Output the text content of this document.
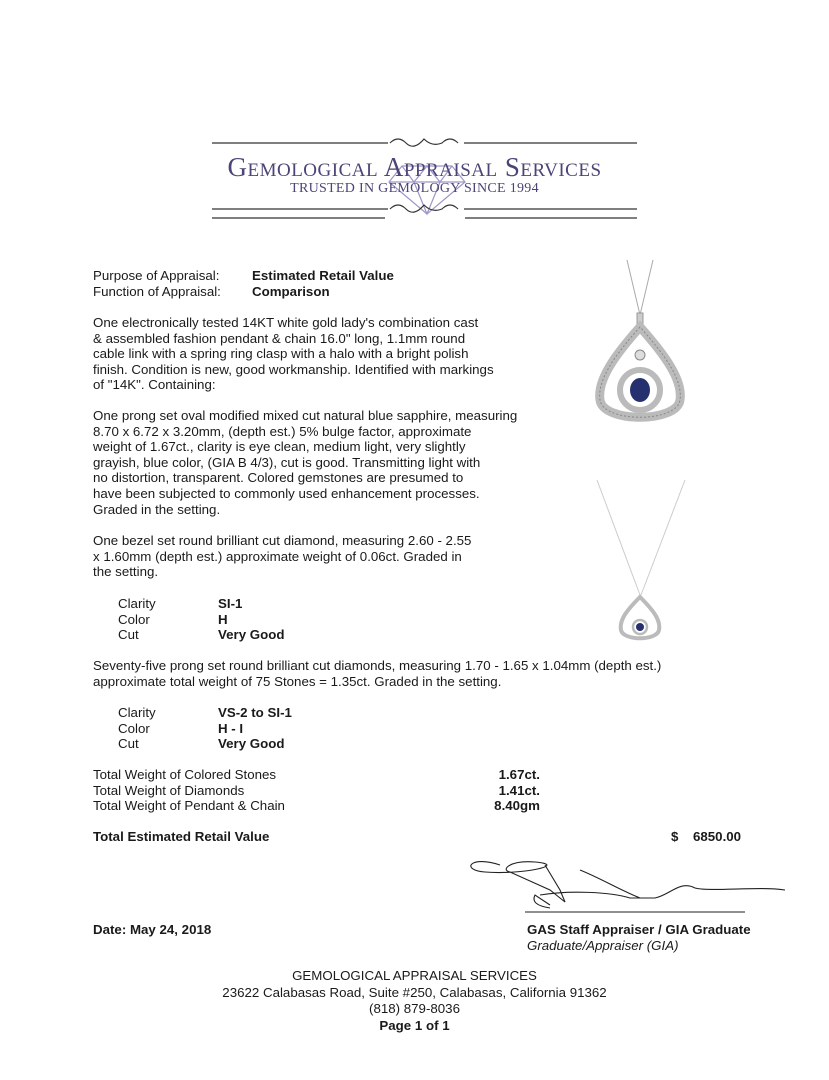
Gemological Appraisal Services
TRUSTED IN GEMOLOGY SINCE 1994
Purpose of Appraisal: Estimated Retail Value
Function of Appraisal: Comparison
One electronically tested 14KT white gold lady's combination cast
& assembled fashion pendant & chain 16.0" long, 1.1mm round
cable link with a spring ring clasp with a halo with a bright polish
finish. Condition is new, good workmanship. Identified with markings
of "14K". Containing:
One prong set oval modified mixed cut natural blue sapphire, measuring
8.70 x 6.72 x 3.20mm, (depth est.) 5% bulge factor, approximate
weight of 1.67ct., clarity is eye clean, medium light, very slightly
grayish, blue color, (GIA B 4/3), cut is good. Transmitting light with
no distortion, transparent. Colored gemstones are presumed to
have been subjected to commonly used enhancement processes.
Graded in the setting.
One bezel set round brilliant cut diamond, measuring 2.60 - 2.55
x 1.60mm (depth est.) approximate weight of 0.06ct. Graded in
the setting.
Clarity	SI-1
Color	H
Cut	Very Good
Seventy-five prong set round brilliant cut diamonds, measuring 1.70 - 1.65 x 1.04mm (depth est.)
approximate total weight of 75 Stones = 1.35ct. Graded in the setting.
Clarity	VS-2 to SI-1
Color	H - I
Cut	Very Good
Total Weight of Colored Stones	1.67ct.
Total Weight of Diamonds	1.41ct.
Total Weight of Pendant & Chain	8.40gm
Total Estimated Retail Value	$ 6850.00
Date: May 24, 2018	GAS Staff Appraiser / GIA Graduate
Graduate/Appraiser (GIA)
GEMOLOGICAL APPRAISAL SERVICES
23622 Calabasas Road, Suite #250, Calabasas, California 91362
(818) 879-8036
Page 1 of 1
